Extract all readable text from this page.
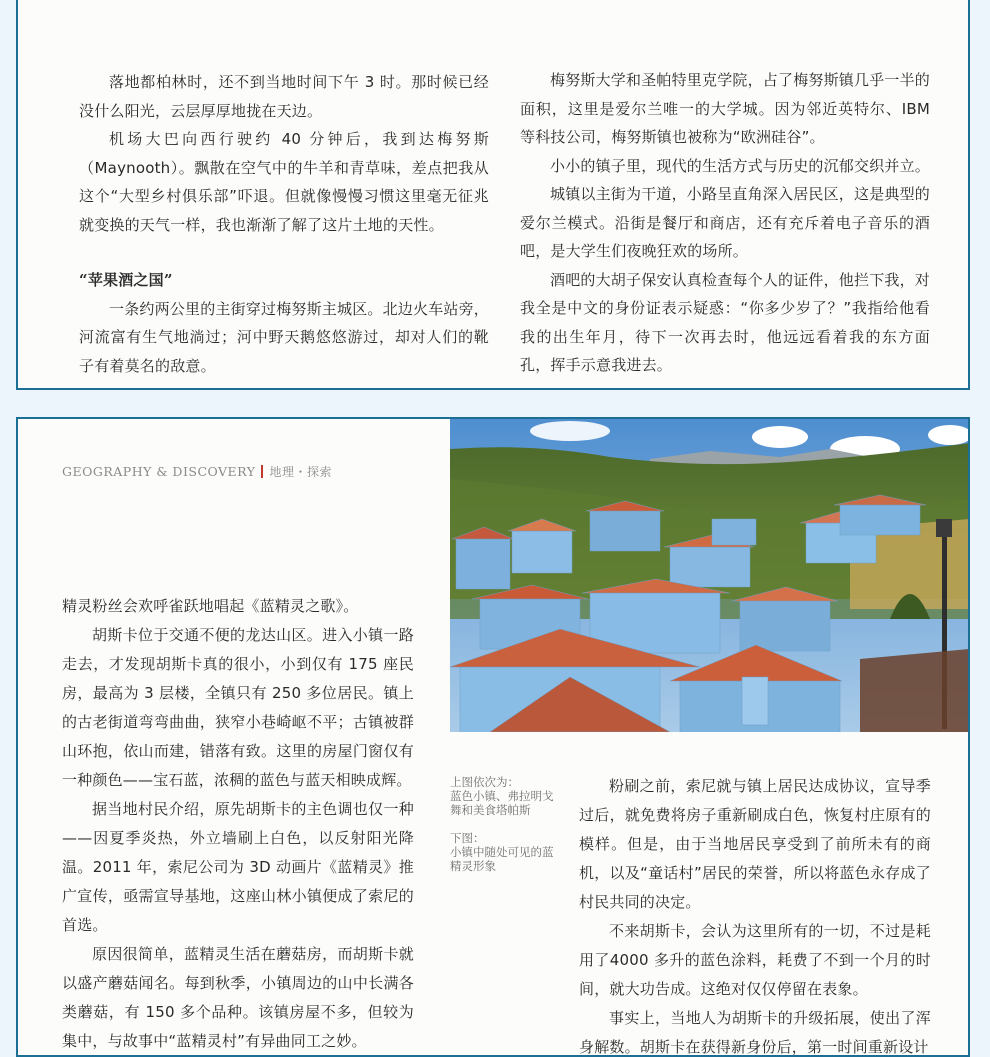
落地都柏林时，还不到当地时间下午 3 时。那时候已经没什么阳光，云层厚厚地拢在天边。

机场大巴向西行驶约 40 分钟后，我到达梅努斯（Maynooth）。飘散在空气中的牛羊和青草味，差点把我从这个“大型乡村俱乐部”吓退。但就像慢慢习惯这里毫无征兆就变换的天气一样，我也渐渐了解了这片土地的天性。

“苹果酒之国”

一条约两公里的主街穿过梅努斯主城区。北边火车站旁，河流富有生气地淌过；河中野天鹅悠悠游过，却对人们的靴子有着莫名的敌意。

梅努斯大学和圣帕特里克学院，占了梅努斯镇几乎一半的面积，这里是爱尔兰唯一的大学城。因为邻近英特尔、IBM 等科技公司，梅努斯镇也被称为“欧洲硅谷”。

小小的镇子里，现代的生活方式与历史的沉郁交织并立。

城镇以主街为干道，小路呈直角深入居民区，这是典型的爱尔兰模式。沿街是餐厅和商店，还有充斥着电子音乐的酒吧，是大学生们夜晚狂欢的场所。

酒吧的大胡子保安认真检查每个人的证件，他拦下我，对我全是中文的身份证表示疑惑：“你多少岁了？”我指给他看我的出生年月，待下一次再去时，他远远看着我的东方面孔，挥手示意我进去。

GEOGRAPHY & DISCOVERY 地理・探索

精灵粉丝会欢呼雀跃地唱起《蓝精灵之歌》。

胡斯卡位于交通不便的龙达山区。进入小镇一路走去，才发现胡斯卡真的很小，小到仅有 175 座民房，最高为 3 层楼，全镇只有 250 多位居民。镇上的古老街道弯弯曲曲，狭窄小巷崎岖不平；古镇被群山环抱，依山而建，错落有致。这里的房屋门窗仅有一种颜色——宝石蓝，浓稠的蓝色与蓝天相映成辉。

据当地村民介绍，原先胡斯卡的主色调也仅一种——因夏季炎热，外立墙刷上白色，以反射阳光降温。2011 年，索尼公司为 3D 动画片《蓝精灵》推广宣传，亟需宣导基地，这座山林小镇便成了索尼的首选。

原因很简单，蓝精灵生活在蘑菇房，而胡斯卡就以盛产蘑菇闻名。每到秋季，小镇周边的山中长满各类蘑菇，有 150 多个品种。该镇房屋不多，但较为集中，与故事中“蓝精灵村”有异曲同工之妙。

上图依次为：
蓝色小镇、弗拉明戈舞和美食塔帕斯
下图：
小镇中随处可见的蓝精灵形象

粉刷之前，索尼就与镇上居民达成协议，宣导季过后，就免费将房子重新刷成白色，恢复村庄原有的模样。但是，由于当地居民享受到了前所未有的商机，以及“童话村”居民的荣誉，所以将蓝色永存成了村民共同的决定。

不来胡斯卡，会认为这里所有的一切，不过是耗用了4000 多升的蓝色涂料，耗费了不到一个月的时间，就大功告成。这绝对仅仅停留在表象。

事实上，当地人为胡斯卡的升级拓展，使出了浑身解数。胡斯卡在获得新身份后，第一时间重新设计
